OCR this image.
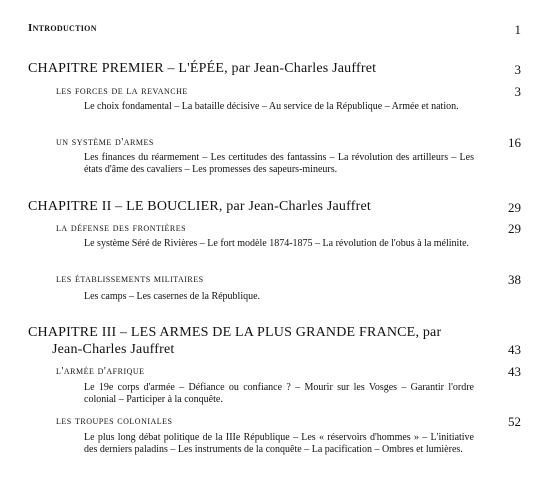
Introduction	1
CHAPITRE PREMIER – L'ÉPÉE, par Jean-Charles Jauffret	3
les forces de la revanche	3
Le choix fondamental – La bataille décisive – Au service de la République – Armée et nation.
un système d'armes	16
Les finances du réarmement – Les certitudes des fantassins – La révolution des artilleurs – Les états d'âme des cavaliers – Les promesses des sapeurs-mineurs.
CHAPITRE II – LE BOUCLIER, par Jean-Charles Jauffret	29
la défense des frontières	29
Le système Séré de Rivières – Le fort modèle 1874-1875 – La révolution de l'obus à la mélinite.
les établissements militaires	38
Les camps – Les casernes de la République.
CHAPITRE III – LES ARMES DE LA PLUS GRANDE FRANCE, par
Jean-Charles Jauffret	43
l'armée d'afrique	43
Le 19e corps d'armée – Défiance ou confiance ? – Mourir sur les Vosges – Garantir l'ordre colonial – Participer à la conquête.
les troupes coloniales	52
Le plus long débat politique de la IIIe République – Les « réservoirs d'hommes » – L'initiative des derniers paladins – Les instruments de la conquête – La pacification – Ombres et lumières.
